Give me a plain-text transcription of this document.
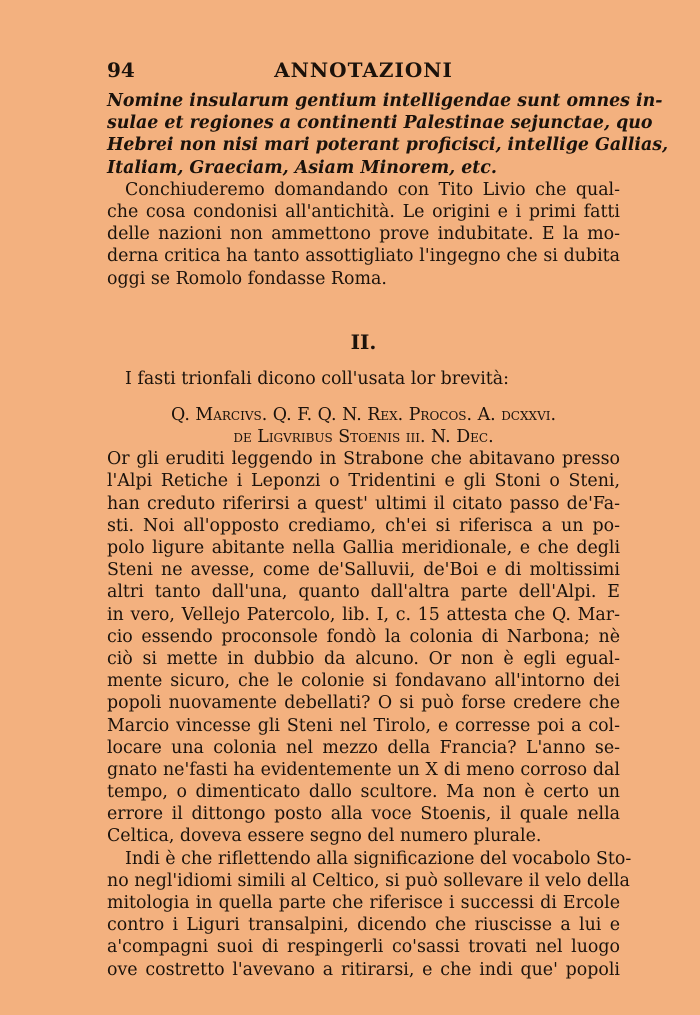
94	ANNOTAZIONI
Nomine insularum gentium intelligendae sunt omnes in-
sulae et regiones a continenti Palestinae sejunctae, quo
Hebrei non nisi mari poterant proficisci, intellige Gallias,
Italiam, Graeciam, Asiam Minorem, etc.
Conchiuderemo domandando con Tito Livio che qual-
che cosa condonisi all'antichità. Le origini e i primi fatti
delle nazioni non ammettono prove indubitate. E la mo-
derna critica ha tanto assottigliato l'ingegno che si dubita
oggi se Romolo fondasse Roma.
II.
I fasti trionfali dicono coll'usata lor brevità:
Q. Marcivs. Q. F. Q. N. Rex. Procos. A. dcxxvi.
de Ligvribus Stoenis iii. N. Dec.
Or gli eruditi leggendo in Strabone che abitavano presso
l'Alpi Retiche i Leponzi o Tridentini e gli Stoni o Steni,
han creduto riferirsi a quest' ultimi il citato passo de'Fa-
sti. Noi all'opposto crediamo, ch'ei si riferisca a un po-
polo ligure abitante nella Gallia meridionale, e che degli
Steni ne avesse, come de'Salluvii, de'Boi e di moltissimi
altri tanto dall'una, quanto dall'altra parte dell'Alpi. E
in vero, Vellejo Patercolo, lib. I, c. 15 attesta che Q. Mar-
cio essendo proconsole fondò la colonia di Narbona; nè
ciò si mette in dubbio da alcuno. Or non è egli egual-
mente sicuro, che le colonie si fondavano all'intorno dei
popoli nuovamente debellati? O si può forse credere che
Marcio vincesse gli Steni nel Tirolo, e corresse poi a col-
locare una colonia nel mezzo della Francia? L'anno se-
gnato ne'fasti ha evidentemente un X di meno corroso dal
tempo, o dimenticato dallo scultore. Ma non è certo un
errore il dittongo posto alla voce Stoenis, il quale nella
Celtica, doveva essere segno del numero plurale.
Indi è che riflettendo alla significazione del vocabolo Sto-
no negl'idiomi simili al Celtico, si può sollevare il velo della
mitologia in quella parte che riferisce i successi di Ercole
contro i Liguri transalpini, dicendo che riuscisse a lui e
a'compagni suoi di respingerli co'sassi trovati nel luogo
ove costretto l'avevano a ritirarsi, e che indi que' popoli
